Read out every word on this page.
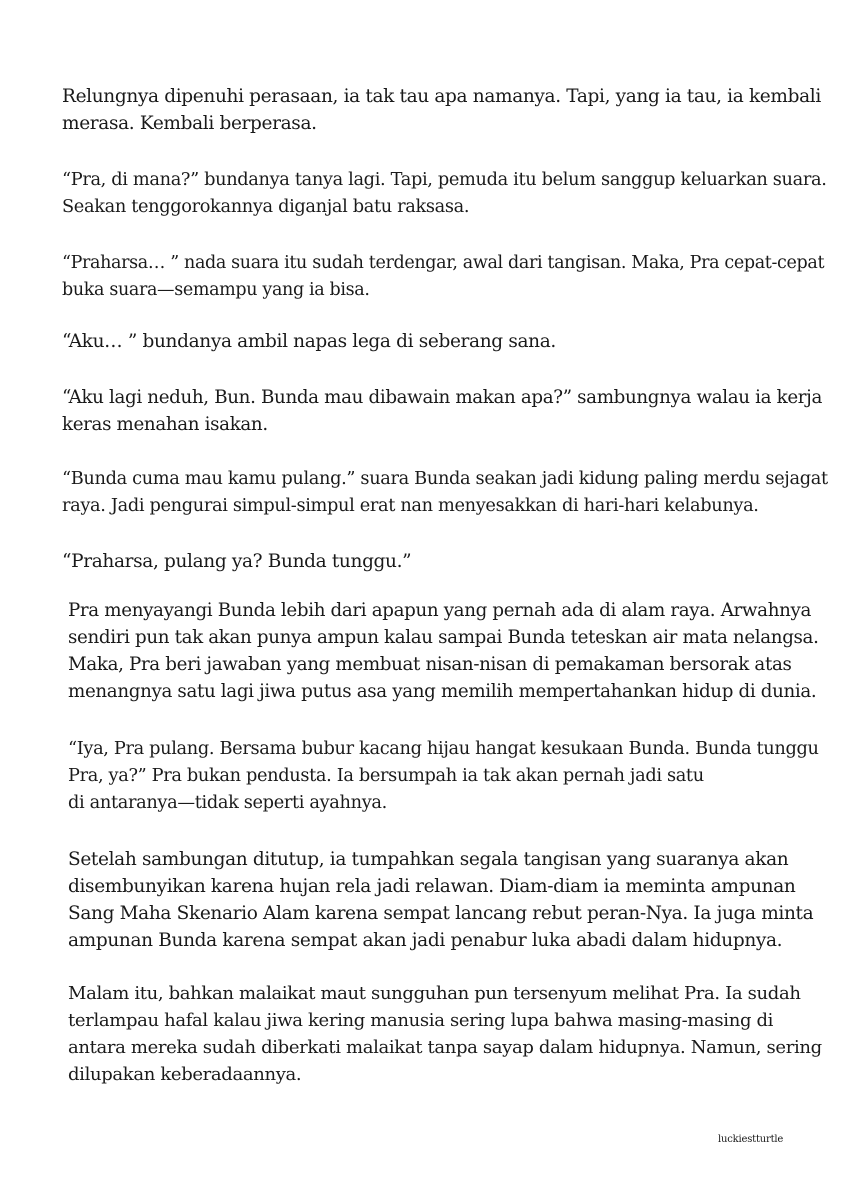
Relungnya dipenuhi perasaan, ia tak tau apa namanya. Tapi, yang ia tau, ia kembali
merasa. Kembali berperasa.

“Pra, di mana?” bundanya tanya lagi. Tapi, pemuda itu belum sanggup keluarkan suara.
Seakan tenggorokannya diganjal batu raksasa.

“Praharsa… ” nada suara itu sudah terdengar, awal dari tangisan. Maka, Pra cepat-cepat
buka suara—semampu yang ia bisa.

“Aku… ” bundanya ambil napas lega di seberang sana.

“Aku lagi neduh, Bun. Bunda mau dibawain makan apa?” sambungnya walau ia kerja
keras menahan isakan.

“Bunda cuma mau kamu pulang.” suara Bunda seakan jadi kidung paling merdu sejagat
raya. Jadi pengurai simpul-simpul erat nan menyesakkan di hari-hari kelabunya.

“Praharsa, pulang ya? Bunda tunggu.”

Pra menyayangi Bunda lebih dari apapun yang pernah ada di alam raya. Arwahnya
sendiri pun tak akan punya ampun kalau sampai Bunda teteskan air mata nelangsa.
Maka, Pra beri jawaban yang membuat nisan-nisan di pemakaman bersorak atas
menangnya satu lagi jiwa putus asa yang memilih mempertahankan hidup di dunia.

“Iya, Pra pulang. Bersama bubur kacang hijau hangat kesukaan Bunda. Bunda tunggu
Pra, ya?” Pra bukan pendusta. Ia bersumpah ia tak akan pernah jadi satu
di antaranya—tidak seperti ayahnya.

Setelah sambungan ditutup, ia tumpahkan segala tangisan yang suaranya akan
disembunyikan karena hujan rela jadi relawan. Diam-diam ia meminta ampunan
Sang Maha Skenario Alam karena sempat lancang rebut peran-Nya. Ia juga minta
ampunan Bunda karena sempat akan jadi penabur luka abadi dalam hidupnya.

Malam itu, bahkan malaikat maut sungguhan pun tersenyum melihat Pra. Ia sudah
terlampau hafal kalau jiwa kering manusia sering lupa bahwa masing-masing di
antara mereka sudah diberkati malaikat tanpa sayap dalam hidupnya. Namun, sering
dilupakan keberadaannya.

luckiestturtle
